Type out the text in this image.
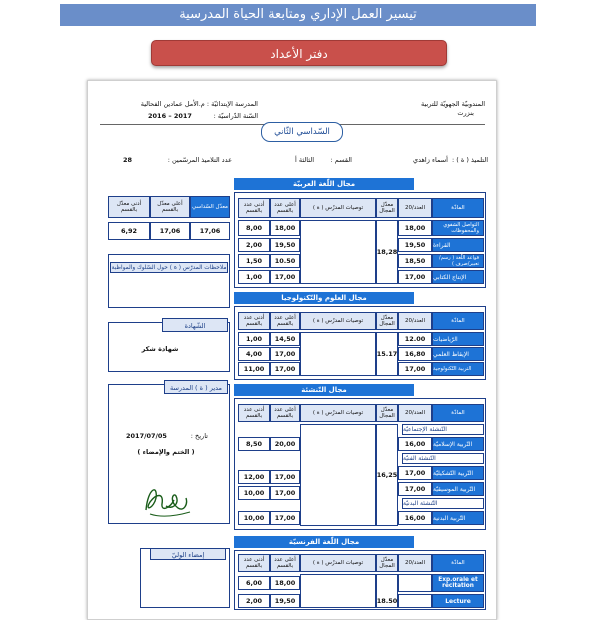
تيسير العمل الإداري ومتابعة الحياة المدرسية
دفتر الأعداد
المندوبيّة الجهويّة للتربية
بنزرت
المدرسة الإبتدائيّة : م.الأمل عمادين الفحالية
السّنة الدّراسيّة :
2016 – 2017
السّداسي الثّاني
التلميذ ( ة ) :
أسماء زاهدي
القسم :
الثالثة أ
عدد التلاميذ المرسّمين :
28
معدّل السّداسي
أعلى معدّل بالقسم
أدنى معدّل بالقسم
17,06
17,06
6,92
ملاحظات المدرّس ( ة ) حول السّلوك والمواظبة
الشّهادة
شهادة شكر
مدير ( ة ) المدرسة
تاريخ :
2017/07/05
( الختم والإمضاء )
إمضاء الوليّ
مجال اللّغة العربيّة
المادّة
العدد/20
معدّل المجال
توصيات المدرّس ( ة )
أعلى عدد بالقسم
أدنى عدد بالقسم
التواصل الشفوي والمحفوظات
القراءة
قواعد اللّغة ( رسم/تعبير/صرف )
الإنتاج الكتابي
18,00
19,50
18,50
17,00
18,28
18,00
19,50
10.50
17,00
8,00
2,00
1,50
1,00
مجال العلوم والتّكنولوجيا
المادّة
العدد/20
معدّل المجال
توصيات المدرّس ( ة )
أعلى عدد بالقسم
أدنى عدد بالقسم
الرّياضيات
الإيقاظ العلمي
التربية التّكنولوجية
12.00
16,80
17,00
15.17
14,50
17,00
17,00
1,00
4,00
11,00
مجال التّنشئة
المادّة
العدد/20
معدّل المجال
توصيات المدرّس ( ة )
أعلى عدد بالقسم
أدنى عدد بالقسم
التّنشئة الإجتماعيّة
التّربية الإسلاميّة
التّنشئة الفنيّة
التّربية التّشكيليّة
التّربية الموسيقيّة
التّنشئة البدنيّة
التّربية البدنية
16,00
17,00
17,00
16,00
16,25
20,00
17,00
17,00
17,00
8,50
12,00
10,00
10,00
مجال اللّغة الفرنسيّة
المادّة
العدد/20
معدّل المجال
توصيات المدرّس ( ة )
أعلى عدد بالقسم
أدنى عدد بالقسم
Exp.orale et récitation
Lecture
18.50
18,00
19,50
6,00
2,00
